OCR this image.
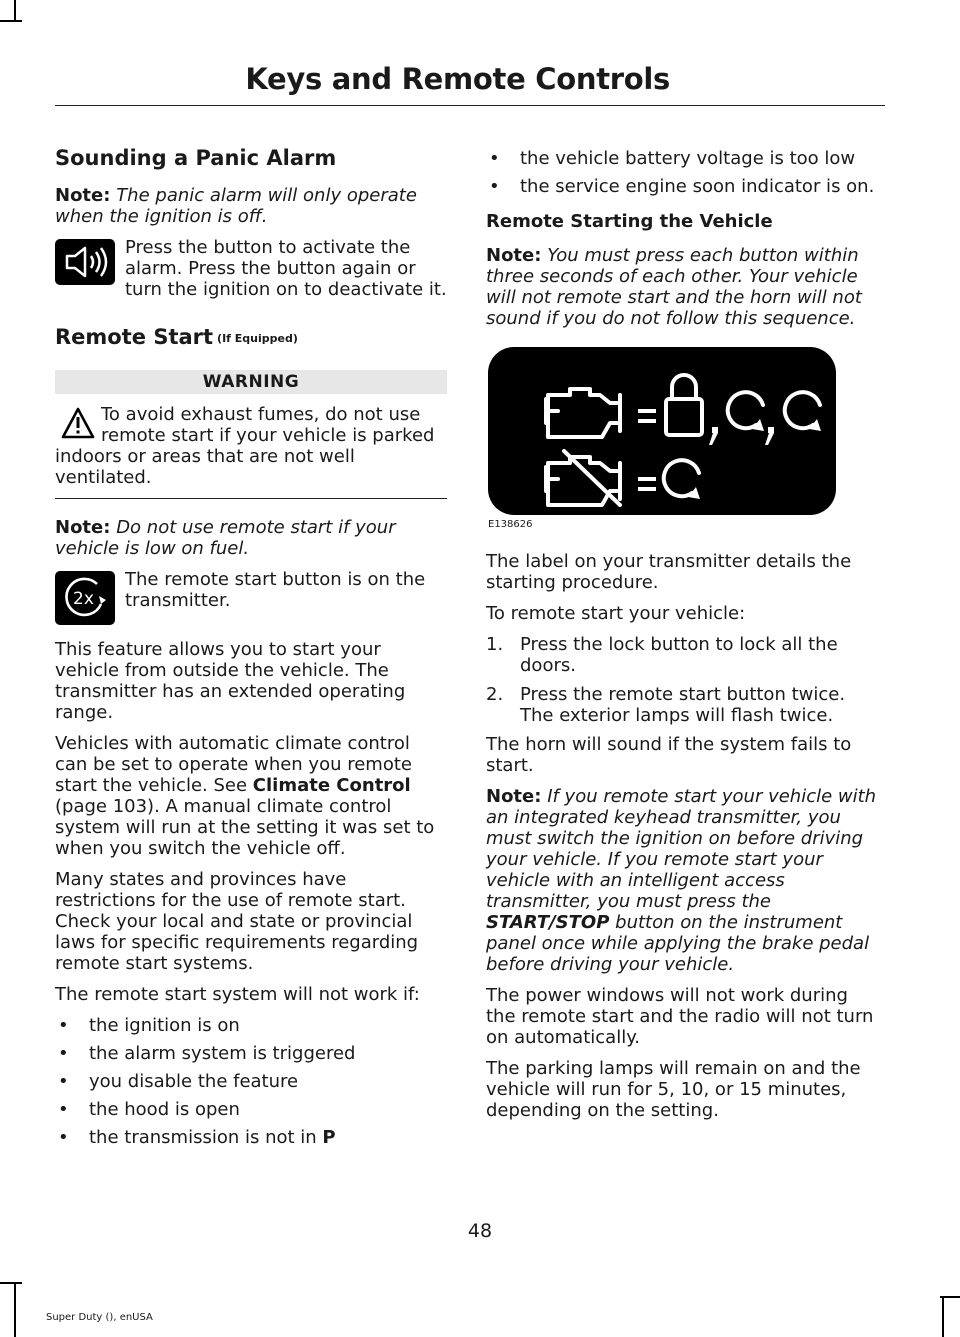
Keys and Remote Controls
Sounding a Panic Alarm

Note: The panic alarm will only operate when the ignition is off.

Press the button to activate the alarm. Press the button again or turn the ignition on to deactivate it.

Remote Start (If Equipped)
WARNING

To avoid exhaust fumes, do not use remote start if your vehicle is parked indoors or areas that are not well ventilated.

Note: Do not use remote start if your vehicle is low on fuel.

2x

The remote start button is on the transmitter.

This feature allows you to start your vehicle from outside the vehicle. The transmitter has an extended operating range.

Vehicles with automatic climate control can be set to operate when you remote start the vehicle. See Climate Control (page 103). A manual climate control system will run at the setting it was set to when you switch the vehicle off.

Many states and provinces have restrictions for the use of remote start. Check your local and state or provincial laws for specific requirements regarding remote start systems.

The remote start system will not work if:

• the ignition is on
• the alarm system is triggered
• you disable the feature
• the hood is open
• the transmission is not in P
• the vehicle battery voltage is too low
• the service engine soon indicator is on.
Remote Starting the Vehicle

Note: You must press each button within three seconds of each other. Your vehicle will not remote start and the horn will not sound if you do not follow this sequence.

E138626

The label on your transmitter details the starting procedure.

To remote start your vehicle:

1. Press the lock button to lock all the doors.
2. Press the remote start button twice. The exterior lamps will flash twice.

The horn will sound if the system fails to start.

Note: If you remote start your vehicle with an integrated keyhead transmitter, you must switch the ignition on before driving your vehicle. If you remote start your vehicle with an intelligent access transmitter, you must press the START/STOP button on the instrument panel once while applying the brake pedal before driving your vehicle.

The power windows will not work during the remote start and the radio will not turn on automatically.

The parking lamps will remain on and the vehicle will run for 5, 10, or 15 minutes, depending on the setting.

48
Super Duty (), enUSA
